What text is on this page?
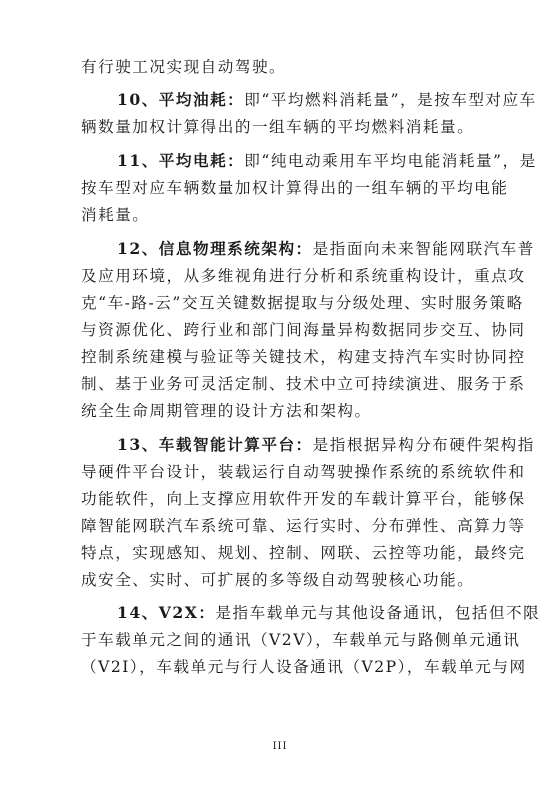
有行驶工况实现自动驾驶。
10、平均油耗：即“平均燃料消耗量”，是按车型对应车
辆数量加权计算得出的一组车辆的平均燃料消耗量。
11、平均电耗：即“纯电动乘用车平均电能消耗量”，是
按车型对应车辆数量加权计算得出的一组车辆的平均电能
消耗量。
12、信息物理系统架构：是指面向未来智能网联汽车普
及应用环境，从多维视角进行分析和系统重构设计，重点攻
克“车-路-云”交互关键数据提取与分级处理、实时服务策略
与资源优化、跨行业和部门间海量异构数据同步交互、协同
控制系统建模与验证等关键技术，构建支持汽车实时协同控
制、基于业务可灵活定制、技术中立可持续演进、服务于系
统全生命周期管理的设计方法和架构。
13、车载智能计算平台：是指根据异构分布硬件架构指
导硬件平台设计，装载运行自动驾驶操作系统的系统软件和
功能软件，向上支撑应用软件开发的车载计算平台，能够保
障智能网联汽车系统可靠、运行实时、分布弹性、高算力等
特点，实现感知、规划、控制、网联、云控等功能，最终完
成安全、实时、可扩展的多等级自动驾驶核心功能。
14、V2X：是指车载单元与其他设备通讯，包括但不限
于车载单元之间的通讯（V2V），车载单元与路侧单元通讯
（V2I），车载单元与行人设备通讯（V2P），车载单元与网
III
